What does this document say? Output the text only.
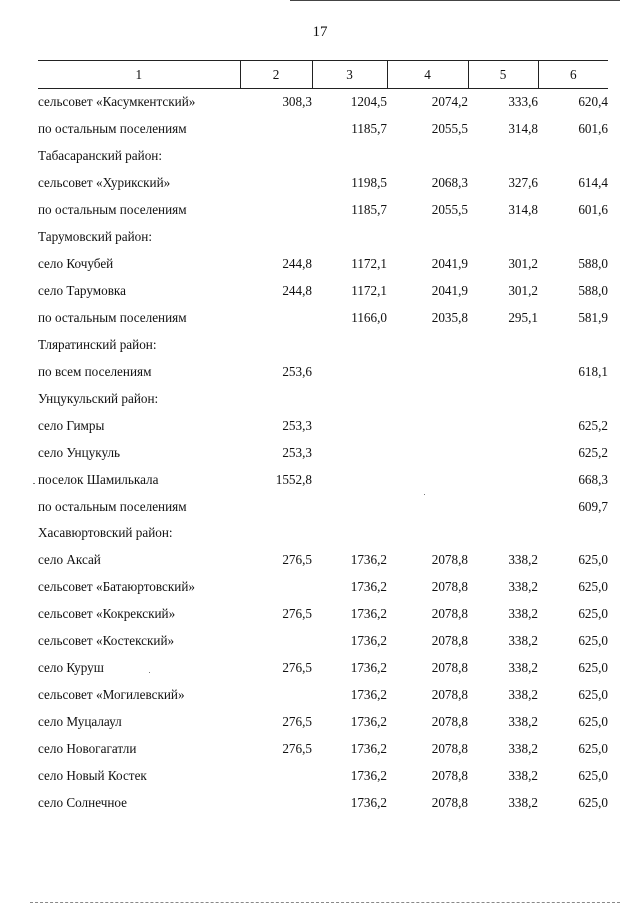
17
1	2	3	4	5	6
сельсовет «Касумкентский»	308,3	1204,5	2074,2	333,6	620,4
по остальным поселениям		1185,7	2055,5	314,8	601,6
Табасаранский район:					
сельсовет «Хурикский»		1198,5	2068,3	327,6	614,4
по остальным поселениям		1185,7	2055,5	314,8	601,6
Тарумовский район:					
село Кочубей	244,8	1172,1	2041,9	301,2	588,0
село Тарумовка	244,8	1172,1	2041,9	301,2	588,0
по остальным поселениям		1166,0	2035,8	295,1	581,9
Тляратинский район:					
по всем поселениям	253,6				618,1
Унцукульский район:					
село Гимры	253,3				625,2
село Унцукуль	253,3				625,2
поселок Шамилькала	1552,8				668,3
по остальным поселениям					609,7
Хасавюртовский район:					
село Аксай	276,5	1736,2	2078,8	338,2	625,0
сельсовет «Батаюртовский»		1736,2	2078,8	338,2	625,0
сельсовет «Кокрекский»	276,5	1736,2	2078,8	338,2	625,0
сельсовет «Костекский»		1736,2	2078,8	338,2	625,0
село Куруш	276,5	1736,2	2078,8	338,2	625,0
сельсовет «Могилевский»		1736,2	2078,8	338,2	625,0
село Муцалаул	276,5	1736,2	2078,8	338,2	625,0
село Новогагатли	276,5	1736,2	2078,8	338,2	625,0
село Новый Костек		1736,2	2078,8	338,2	625,0
село Солнечное		1736,2	2078,8	338,2	625,0
